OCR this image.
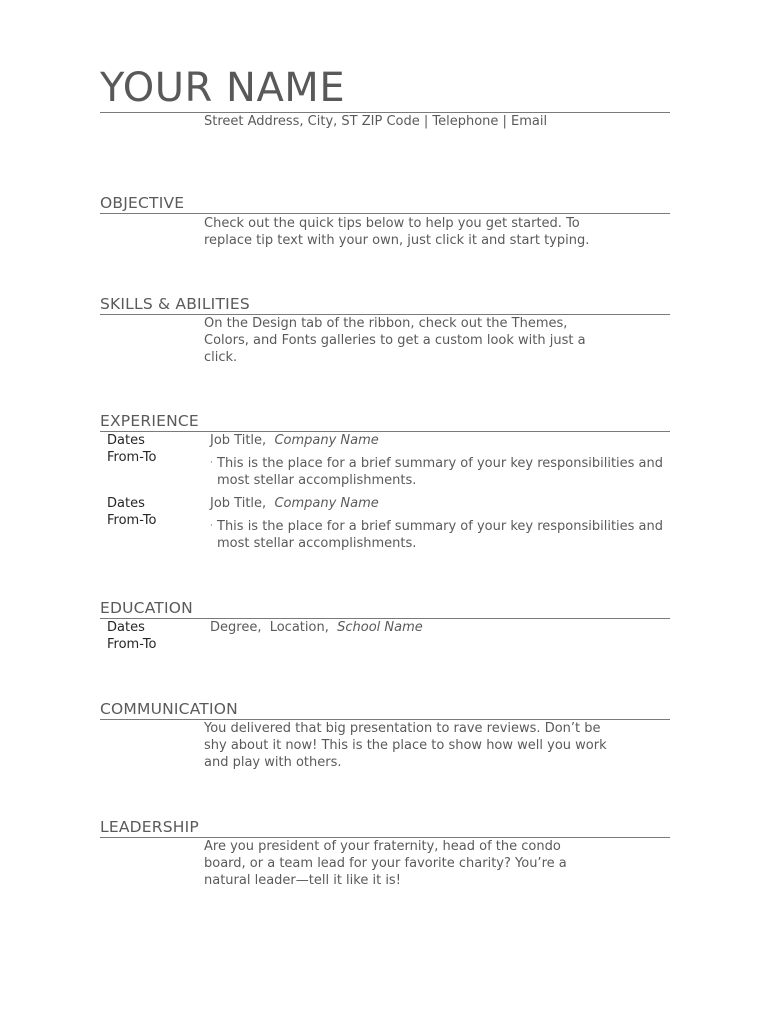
YOUR NAME
Street Address, City, ST ZIP Code | Telephone | Email
OBJECTIVE
Check out the quick tips below to help you get started. To replace tip text with your own, just click it and start typing.
SKILLS & ABILITIES
On the Design tab of the ribbon, check out the Themes, Colors, and Fonts galleries to get a custom look with just a click.
EXPERIENCE
Dates From-To
Job Title, Company Name
· This is the place for a brief summary of your key responsibilities and most stellar accomplishments.
Dates From-To
Job Title, Company Name
· This is the place for a brief summary of your key responsibilities and most stellar accomplishments.
EDUCATION
Dates From-To
Degree, Location, School Name
COMMUNICATION
You delivered that big presentation to rave reviews. Don’t be shy about it now! This is the place to show how well you work and play with others.
LEADERSHIP
Are you president of your fraternity, head of the condo board, or a team lead for your favorite charity? You’re a natural leader—tell it like it is!
